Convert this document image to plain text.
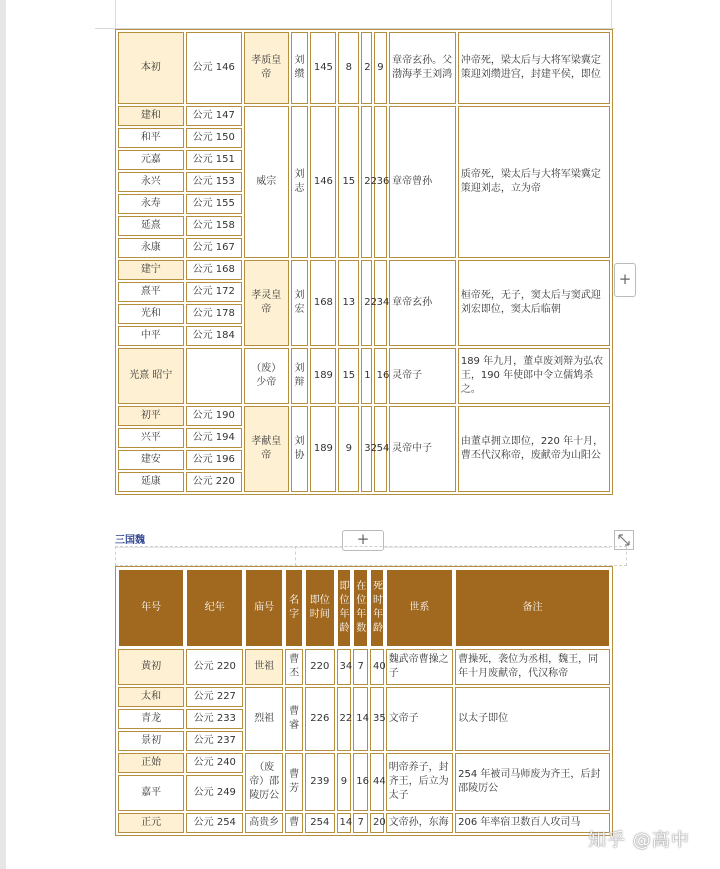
本初	公元 146	孝质皇帝	刘缵	145	8	2	9	章帝玄孙。父渤海孝王刘鸿	冲帝死，梁太后与大将军梁冀定策迎刘缵进宫，封建平侯，即位
建和	公元 147	威宗	刘志	146	15	22	36	章帝曾孙	质帝死，梁太后与大将军梁冀定策迎刘志，立为帝
和平	公元 150								
元嘉	公元 151								
永兴	公元 153								
永寿	公元 155								
延熹	公元 158								
永康	公元 167								
建宁	公元 168	孝灵皇帝	刘宏	168	13	22	34	章帝玄孙	桓帝死，无子，窦太后与窦武迎刘宏即位，窦太后临朝
熹平	公元 172								
光和	公元 178								
中平	公元 184								
光熹 昭宁		（废）少帝	刘辩	189	15	1	16	灵帝子	189 年九月，董卓废刘辩为弘农王，190 年使郎中令立儒鸩杀之。
初平	公元 190	孝献皇帝	刘协	189	9	32	54	灵帝中子	由董卓拥立即位，220 年十月，曹丕代汉称帝，废献帝为山阳公
兴平	公元 194								
建安	公元 196								
延康	公元 220								
+
三国魏	+
年号	纪年	庙号	名字	即位时间	即位年龄	在位年数	死时年龄	世系	备注
黄初	公元 220	世祖	曹丕	220	34	7	40	魏武帝曹操之子	曹操死，袭位为丞相，魏王，同年十月废献帝，代汉称帝
太和	公元 227	烈祖	曹睿	226	22	14	35	文帝子	以太子即位
青龙	公元 233								
景初	公元 237								
正始	公元 240	（废帝）邵陵厉公	曹芳	239	9	16	44	明帝养子，封齐王，后立为太子	254 年被司马师废为齐王，后封邵陵厉公
嘉平	公元 249								
正元	公元 254	高贵乡	曹	254	14	7	20	文帝孙，东海	206 年率宿卫数百人攻司马
知乎 @高中
